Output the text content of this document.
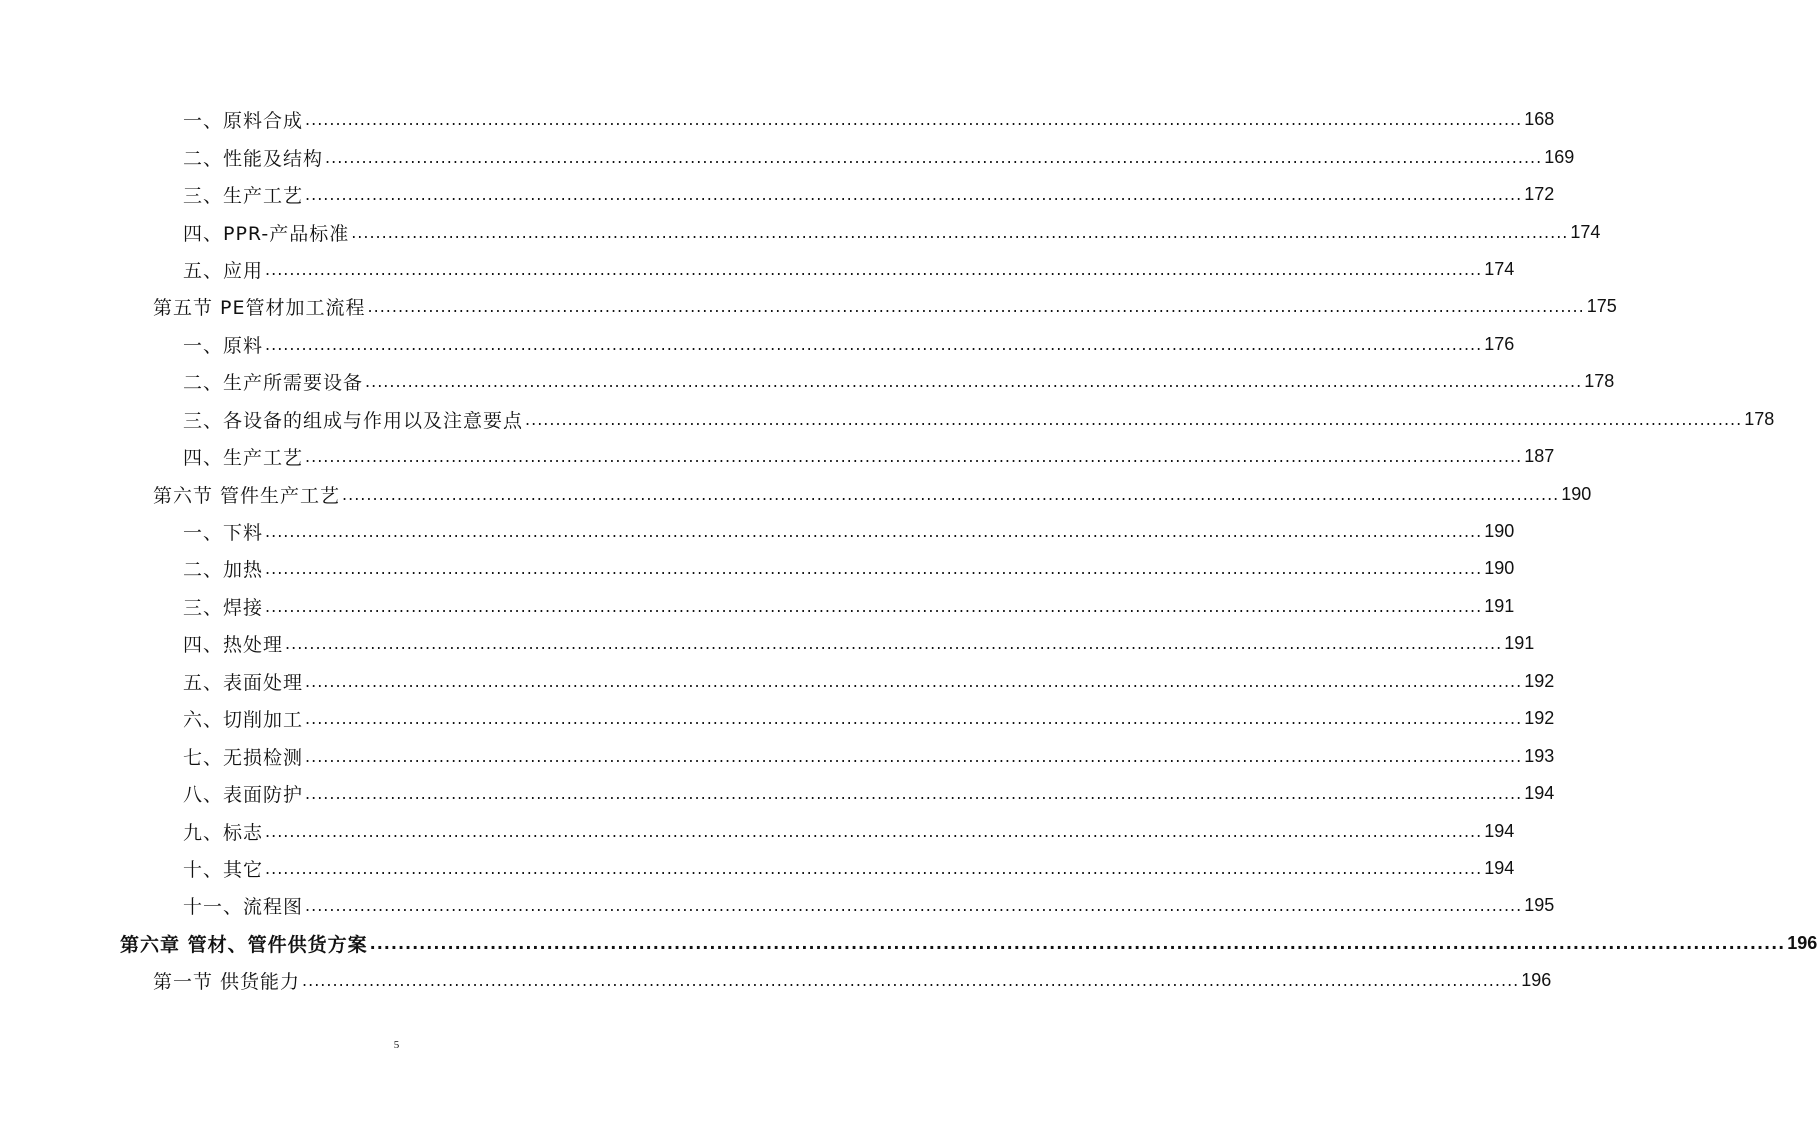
一、原料合成 ........................................................................................................................................................................................................ 168
二、性能及结构 ........................................................................................................................................................................................................ 169
三、生产工艺 ........................................................................................................................................................................................................ 172
四、PPR-产品标准 ........................................................................................................................................................................................................ 174
五、应用 ........................................................................................................................................................................................................ 174
第五节 PE管材加工流程 ........................................................................................................................................................................................................ 175
一、原料 ........................................................................................................................................................................................................ 176
二、生产所需要设备 ........................................................................................................................................................................................................ 178
三、各设备的组成与作用以及注意要点 ........................................................................................................................................................................................................ 178
四、生产工艺 ........................................................................................................................................................................................................ 187
第六节 管件生产工艺 ........................................................................................................................................................................................................ 190
一、下料 ........................................................................................................................................................................................................ 190
二、加热 ........................................................................................................................................................................................................ 190
三、焊接 ........................................................................................................................................................................................................ 191
四、热处理 ........................................................................................................................................................................................................ 191
五、表面处理 ........................................................................................................................................................................................................ 192
六、切削加工 ........................................................................................................................................................................................................ 192
七、无损检测 ........................................................................................................................................................................................................ 193
八、表面防护 ........................................................................................................................................................................................................ 194
九、标志 ........................................................................................................................................................................................................ 194
十、其它 ........................................................................................................................................................................................................ 194
十一、流程图 ........................................................................................................................................................................................................ 195
第六章 管材、管件供货方案 ........................................................................................................................................................................................................ 196
第一节 供货能力 ........................................................................................................................................................................................................ 196
5
